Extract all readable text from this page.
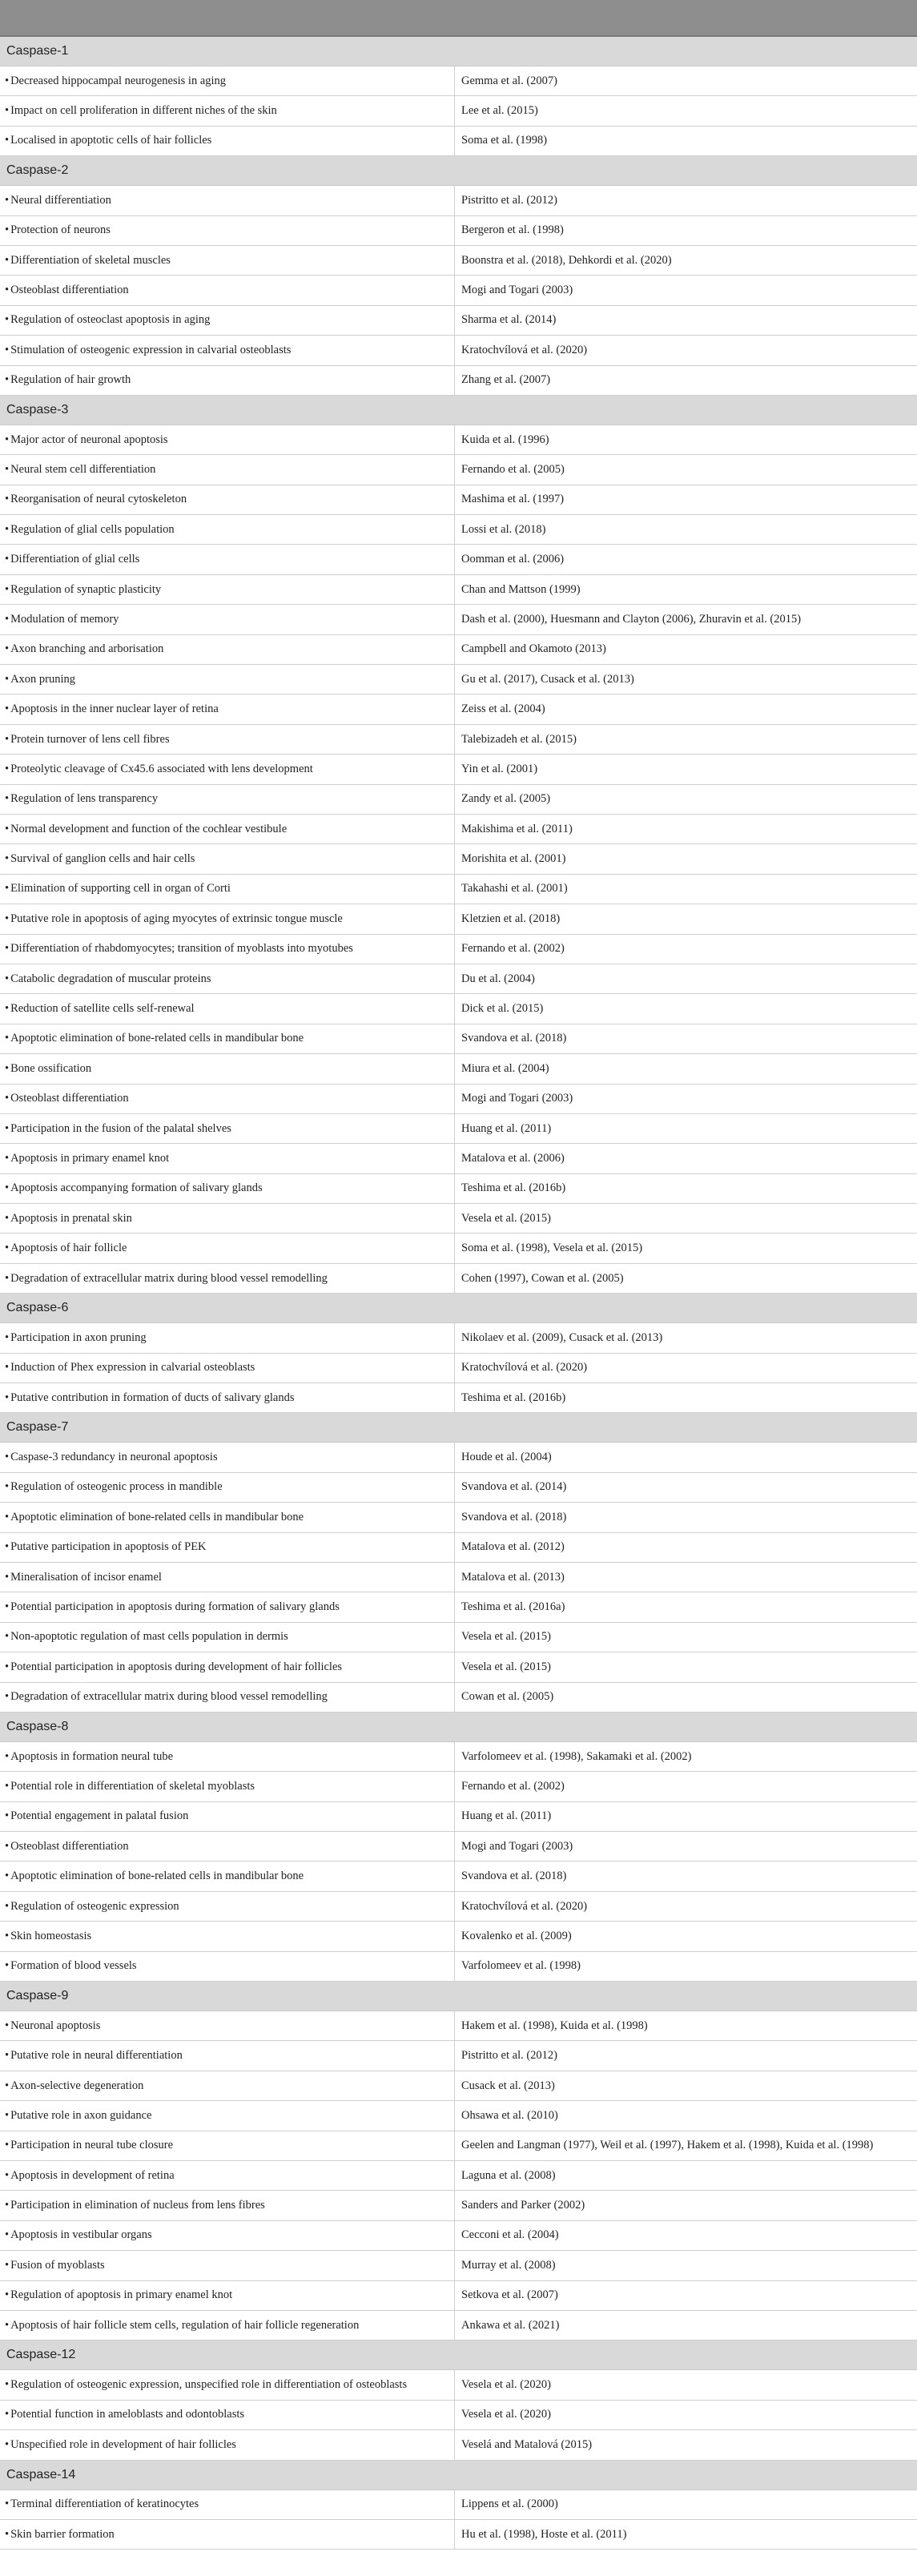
Caspase-1
• Decreased hippocampal neurogenesis in aging	Gemma et al. (2007)
• Impact on cell proliferation in different niches of the skin	Lee et al. (2015)
• Localised in apoptotic cells of hair follicles	Soma et al. (1998)
Caspase-2
• Neural differentiation	Pistritto et al. (2012)
• Protection of neurons	Bergeron et al. (1998)
• Differentiation of skeletal muscles	Boonstra et al. (2018), Dehkordi et al. (2020)
• Osteoblast differentiation	Mogi and Togari (2003)
• Regulation of osteoclast apoptosis in aging	Sharma et al. (2014)
• Stimulation of osteogenic expression in calvarial osteoblasts	Kratochvílová et al. (2020)
• Regulation of hair growth	Zhang et al. (2007)
Caspase-3
• Major actor of neuronal apoptosis	Kuida et al. (1996)
• Neural stem cell differentiation	Fernando et al. (2005)
• Reorganisation of neural cytoskeleton	Mashima et al. (1997)
• Regulation of glial cells population	Lossi et al. (2018)
• Differentiation of glial cells	Oomman et al. (2006)
• Regulation of synaptic plasticity	Chan and Mattson (1999)
• Modulation of memory	Dash et al. (2000), Huesmann and Clayton (2006), Zhuravin et al. (2015)
• Axon branching and arborisation	Campbell and Okamoto (2013)
• Axon pruning	Gu et al. (2017), Cusack et al. (2013)
• Apoptosis in the inner nuclear layer of retina	Zeiss et al. (2004)
• Protein turnover of lens cell fibres	Talebizadeh et al. (2015)
• Proteolytic cleavage of Cx45.6 associated with lens development	Yin et al. (2001)
• Regulation of lens transparency	Zandy et al. (2005)
• Normal development and function of the cochlear vestibule	Makishima et al. (2011)
• Survival of ganglion cells and hair cells	Morishita et al. (2001)
• Elimination of supporting cell in organ of Corti	Takahashi et al. (2001)
• Putative role in apoptosis of aging myocytes of extrinsic tongue muscle	Kletzien et al. (2018)
• Differentiation of rhabdomyocytes; transition of myoblasts into myotubes	Fernando et al. (2002)
• Catabolic degradation of muscular proteins	Du et al. (2004)
• Reduction of satellite cells self-renewal	Dick et al. (2015)
• Apoptotic elimination of bone-related cells in mandibular bone	Svandova et al. (2018)
• Bone ossification	Miura et al. (2004)
• Osteoblast differentiation	Mogi and Togari (2003)
• Participation in the fusion of the palatal shelves	Huang et al. (2011)
• Apoptosis in primary enamel knot	Matalova et al. (2006)
• Apoptosis accompanying formation of salivary glands	Teshima et al. (2016b)
• Apoptosis in prenatal skin	Vesela et al. (2015)
• Apoptosis of hair follicle	Soma et al. (1998), Vesela et al. (2015)
• Degradation of extracellular matrix during blood vessel remodelling	Cohen (1997), Cowan et al. (2005)
Caspase-6
• Participation in axon pruning	Nikolaev et al. (2009), Cusack et al. (2013)
• Induction of Phex expression in calvarial osteoblasts	Kratochvílová et al. (2020)
• Putative contribution in formation of ducts of salivary glands	Teshima et al. (2016b)
Caspase-7
• Caspase-3 redundancy in neuronal apoptosis	Houde et al. (2004)
• Regulation of osteogenic process in mandible	Svandova et al. (2014)
• Apoptotic elimination of bone-related cells in mandibular bone	Svandova et al. (2018)
• Putative participation in apoptosis of PEK	Matalova et al. (2012)
• Mineralisation of incisor enamel	Matalova et al. (2013)
• Potential participation in apoptosis during formation of salivary glands	Teshima et al. (2016a)
• Non-apoptotic regulation of mast cells population in dermis	Vesela et al. (2015)
• Potential participation in apoptosis during development of hair follicles	Vesela et al. (2015)
• Degradation of extracellular matrix during blood vessel remodelling	Cowan et al. (2005)
Caspase-8
• Apoptosis in formation neural tube	Varfolomeev et al. (1998), Sakamaki et al. (2002)
• Potential role in differentiation of skeletal myoblasts	Fernando et al. (2002)
• Potential engagement in palatal fusion	Huang et al. (2011)
• Osteoblast differentiation	Mogi and Togari (2003)
• Apoptotic elimination of bone-related cells in mandibular bone	Svandova et al. (2018)
• Regulation of osteogenic expression	Kratochvílová et al. (2020)
• Skin homeostasis	Kovalenko et al. (2009)
• Formation of blood vessels	Varfolomeev et al. (1998)
Caspase-9
• Neuronal apoptosis	Hakem et al. (1998), Kuida et al. (1998)
• Putative role in neural differentiation	Pistritto et al. (2012)
• Axon-selective degeneration	Cusack et al. (2013)
• Putative role in axon guidance	Ohsawa et al. (2010)
• Participation in neural tube closure	Geelen and Langman (1977), Weil et al. (1997), Hakem et al. (1998), Kuida et al. (1998)
• Apoptosis in development of retina	Laguna et al. (2008)
• Participation in elimination of nucleus from lens fibres	Sanders and Parker (2002)
• Apoptosis in vestibular organs	Cecconi et al. (2004)
• Fusion of myoblasts	Murray et al. (2008)
• Regulation of apoptosis in primary enamel knot	Setkova et al. (2007)
• Apoptosis of hair follicle stem cells, regulation of hair follicle regeneration	Ankawa et al. (2021)
Caspase-12
• Regulation of osteogenic expression, unspecified role in differentiation of osteoblasts	Vesela et al. (2020)
• Potential function in ameloblasts and odontoblasts	Vesela et al. (2020)
• Unspecified role in development of hair follicles	Veselá and Matalová (2015)
Caspase-14
• Terminal differentiation of keratinocytes	Lippens et al. (2000)
• Skin barrier formation	Hu et al. (1998), Hoste et al. (2011)
